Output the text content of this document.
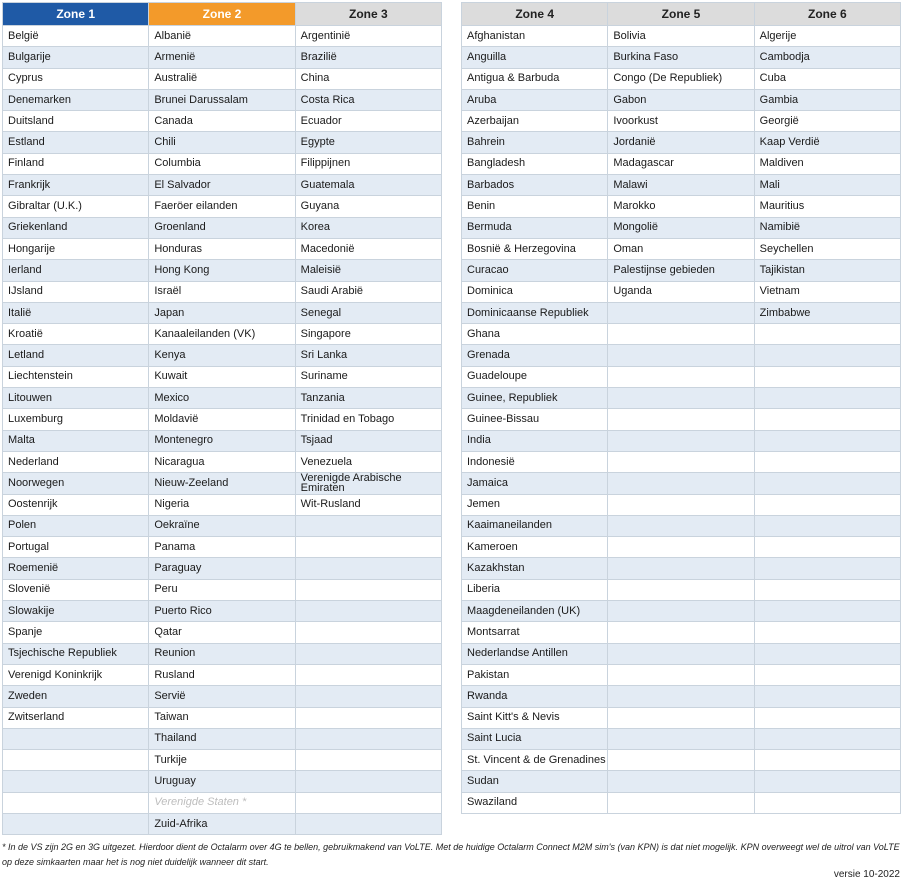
Zone 1	Zone 2	Zone 3
België	Albanië	Argentinië
Bulgarije	Armenië	Brazilië
Cyprus	Australië	China
Denemarken	Brunei Darussalam	Costa Rica
Duitsland	Canada	Ecuador
Estland	Chili	Egypte
Finland	Columbia	Filippijnen
Frankrijk	El Salvador	Guatemala
Gibraltar (U.K.)	Faeröer eilanden	Guyana
Griekenland	Groenland	Korea
Hongarije	Honduras	Macedonië
Ierland	Hong Kong	Maleisië
IJsland	Israël	Saudi Arabië
Italië	Japan	Senegal
Kroatië	Kanaaleilanden (VK)	Singapore
Letland	Kenya	Sri Lanka
Liechtenstein	Kuwait	Suriname
Litouwen	Mexico	Tanzania
Luxemburg	Moldavië	Trinidad en Tobago
Malta	Montenegro	Tsjaad
Nederland	Nicaragua	Venezuela
Noorwegen	Nieuw-Zeeland	Verenigde Arabische Emiraten
Oostenrijk	Nigeria	Wit-Rusland
Polen	Oekraïne	
Portugal	Panama	
Roemenië	Paraguay	
Slovenië	Peru	
Slowakije	Puerto Rico	
Spanje	Qatar	
Tsjechische Republiek	Reunion	
Verenigd Koninkrijk	Rusland	
Zweden	Servië	
Zwitserland	Taiwan	
	Thailand	
	Turkije	
	Uruguay	
	Verenigde Staten *	
	Zuid-Afrika	
Zone 4	Zone 5	Zone 6
Afghanistan	Bolivia	Algerije
Anguilla	Burkina Faso	Cambodja
Antigua & Barbuda	Congo (De Republiek)	Cuba
Aruba	Gabon	Gambia
Azerbaijan	Ivoorkust	Georgië
Bahrein	Jordanië	Kaap Verdië
Bangladesh	Madagascar	Maldiven
Barbados	Malawi	Mali
Benin	Marokko	Mauritius
Bermuda	Mongolië	Namibië
Bosnië & Herzegovina	Oman	Seychellen
Curacao	Palestijnse gebieden	Tajikistan
Dominica	Uganda	Vietnam
Dominicaanse Republiek		Zimbabwe
Ghana		
Grenada		
Guadeloupe		
Guinee, Republiek		
Guinee-Bissau		
India		
Indonesië		
Jamaica		
Jemen		
Kaaimaneilanden		
Kameroen		
Kazakhstan		
Liberia		
Maagdeneilanden (UK)		
Montsarrat		
Nederlandse Antillen		
Pakistan		
Rwanda		
Saint Kitt's & Nevis		
Saint Lucia		
St. Vincent & de Grenadines		
Sudan		
Swaziland		
* In de VS zijn 2G en 3G uitgezet. Hierdoor dient de Octalarm over 4G te bellen, gebruikmakend van VoLTE. Met de huidige Octalarm Connect M2M sim's (van KPN) is dat niet mogelijk. KPN overweegt wel de uitrol van VoLTE op deze simkaarten maar het is nog niet duidelijk wanneer dit start.
versie 10-2022
